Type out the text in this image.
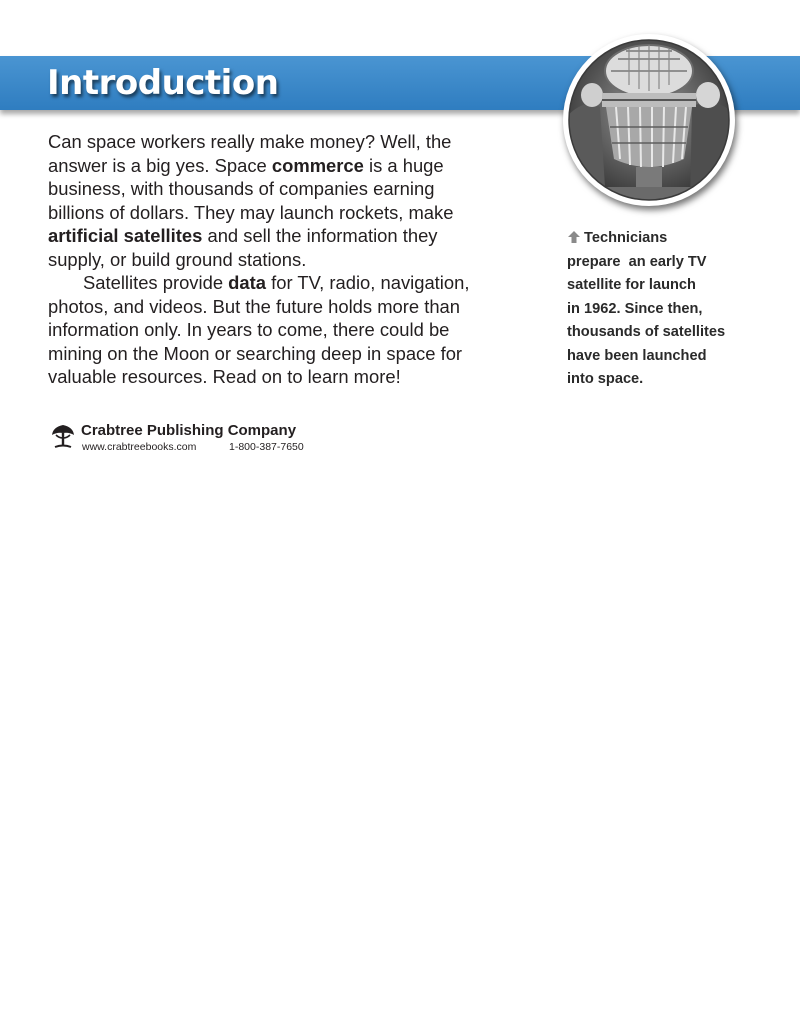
Introduction

Can space workers really make money? Well, the

answer is a big yes. Space commerce is a huge

business, with thousands of companies earning

billions of dollars. They may launch rockets, make

artificial satellites and sell the information they

supply, or build ground stations.

Satellites provide data for TV, radio, navigation,

photos, and videos. But the future holds more than

information only. In years to come, there could be

mining on the Moon or searching deep in space for

valuable resources. Read on to learn more!

Technicians
prepare  an early TV
satellite for launch
in 1962. Since then,
thousands of satellites
have been launched
into space.
Crabtree Publishing Company
www.crabtreebooks.com	1-800-387-7650
